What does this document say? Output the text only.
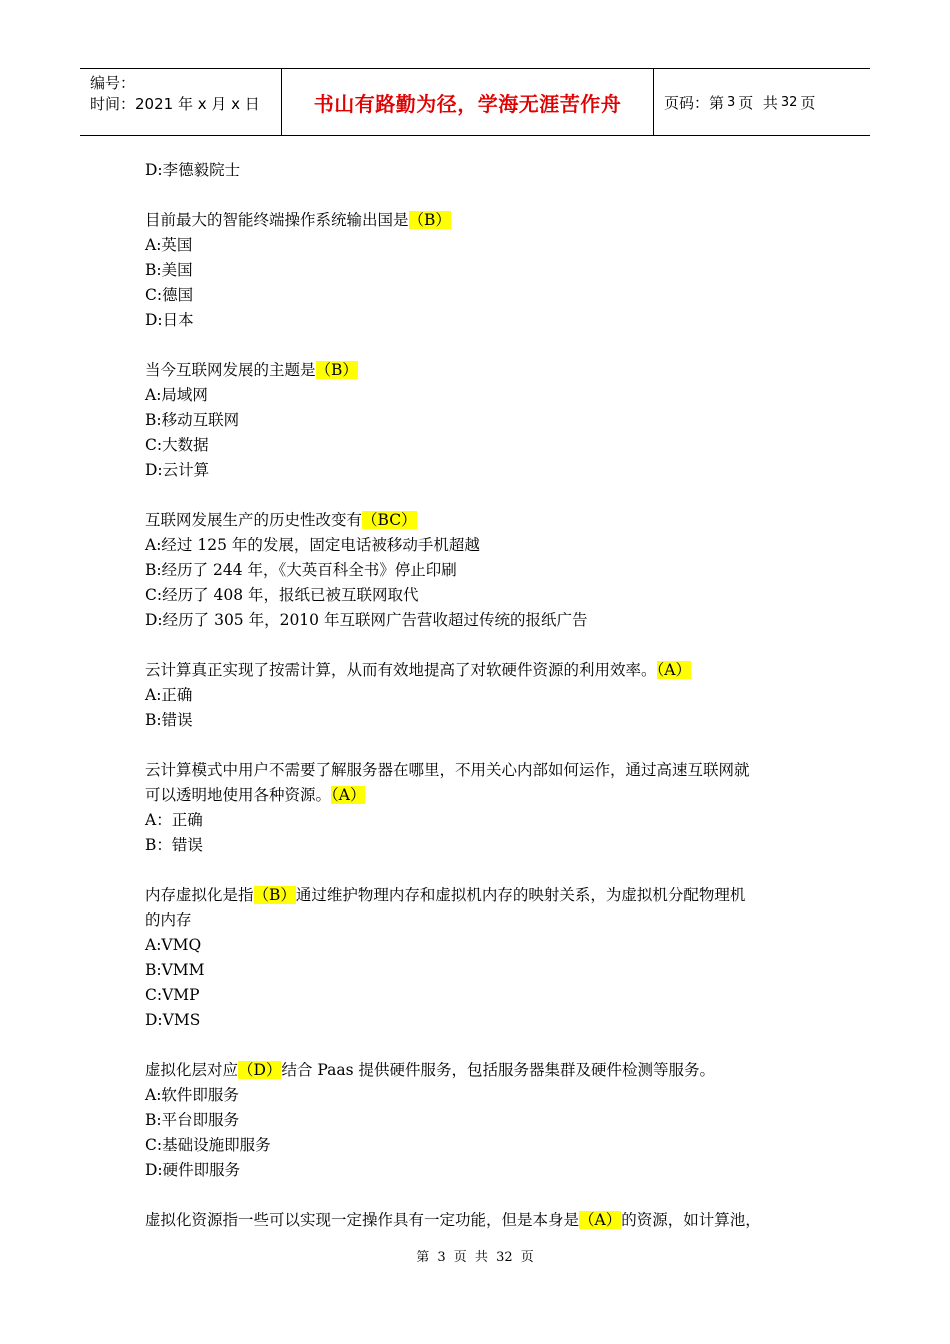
编号：
时间：2021 年 x 月 x 日	书山有路勤为径，学海无涯苦作舟	页码：第 3 页  共 32 页
D:李德毅院士
目前最大的智能终端操作系统输出国是（B）
A:英国
B:美国
C:德国
D:日本
当今互联网发展的主题是（B）
A:局域网
B:移动互联网
C:大数据
D:云计算
互联网发展生产的历史性改变有（BC）
A:经过 125 年的发展，固定电话被移动手机超越
B:经历了 244 年，《大英百科全书》停止印刷
C:经历了 408 年，报纸已被互联网取代
D:经历了 305 年，2010 年互联网广告营收超过传统的报纸广告
云计算真正实现了按需计算，从而有效地提高了对软硬件资源的利用效率。（A）
A:正确
B:错误
云计算模式中用户不需要了解服务器在哪里，不用关心内部如何运作，通过高速互联网就
可以透明地使用各种资源。（A）
A：正确
B：错误
内存虚拟化是指（B）通过维护物理内存和虚拟机内存的映射关系，为虚拟机分配物理机
的内存
A:VMQ
B:VMM
C:VMP
D:VMS
虚拟化层对应（D）结合 Paas 提供硬件服务，包括服务器集群及硬件检测等服务。
A:软件即服务
B:平台即服务
C:基础设施即服务
D:硬件即服务
虚拟化资源指一些可以实现一定操作具有一定功能，但是本身是（A）的资源，如计算池，
第 3 页 共 32 页
